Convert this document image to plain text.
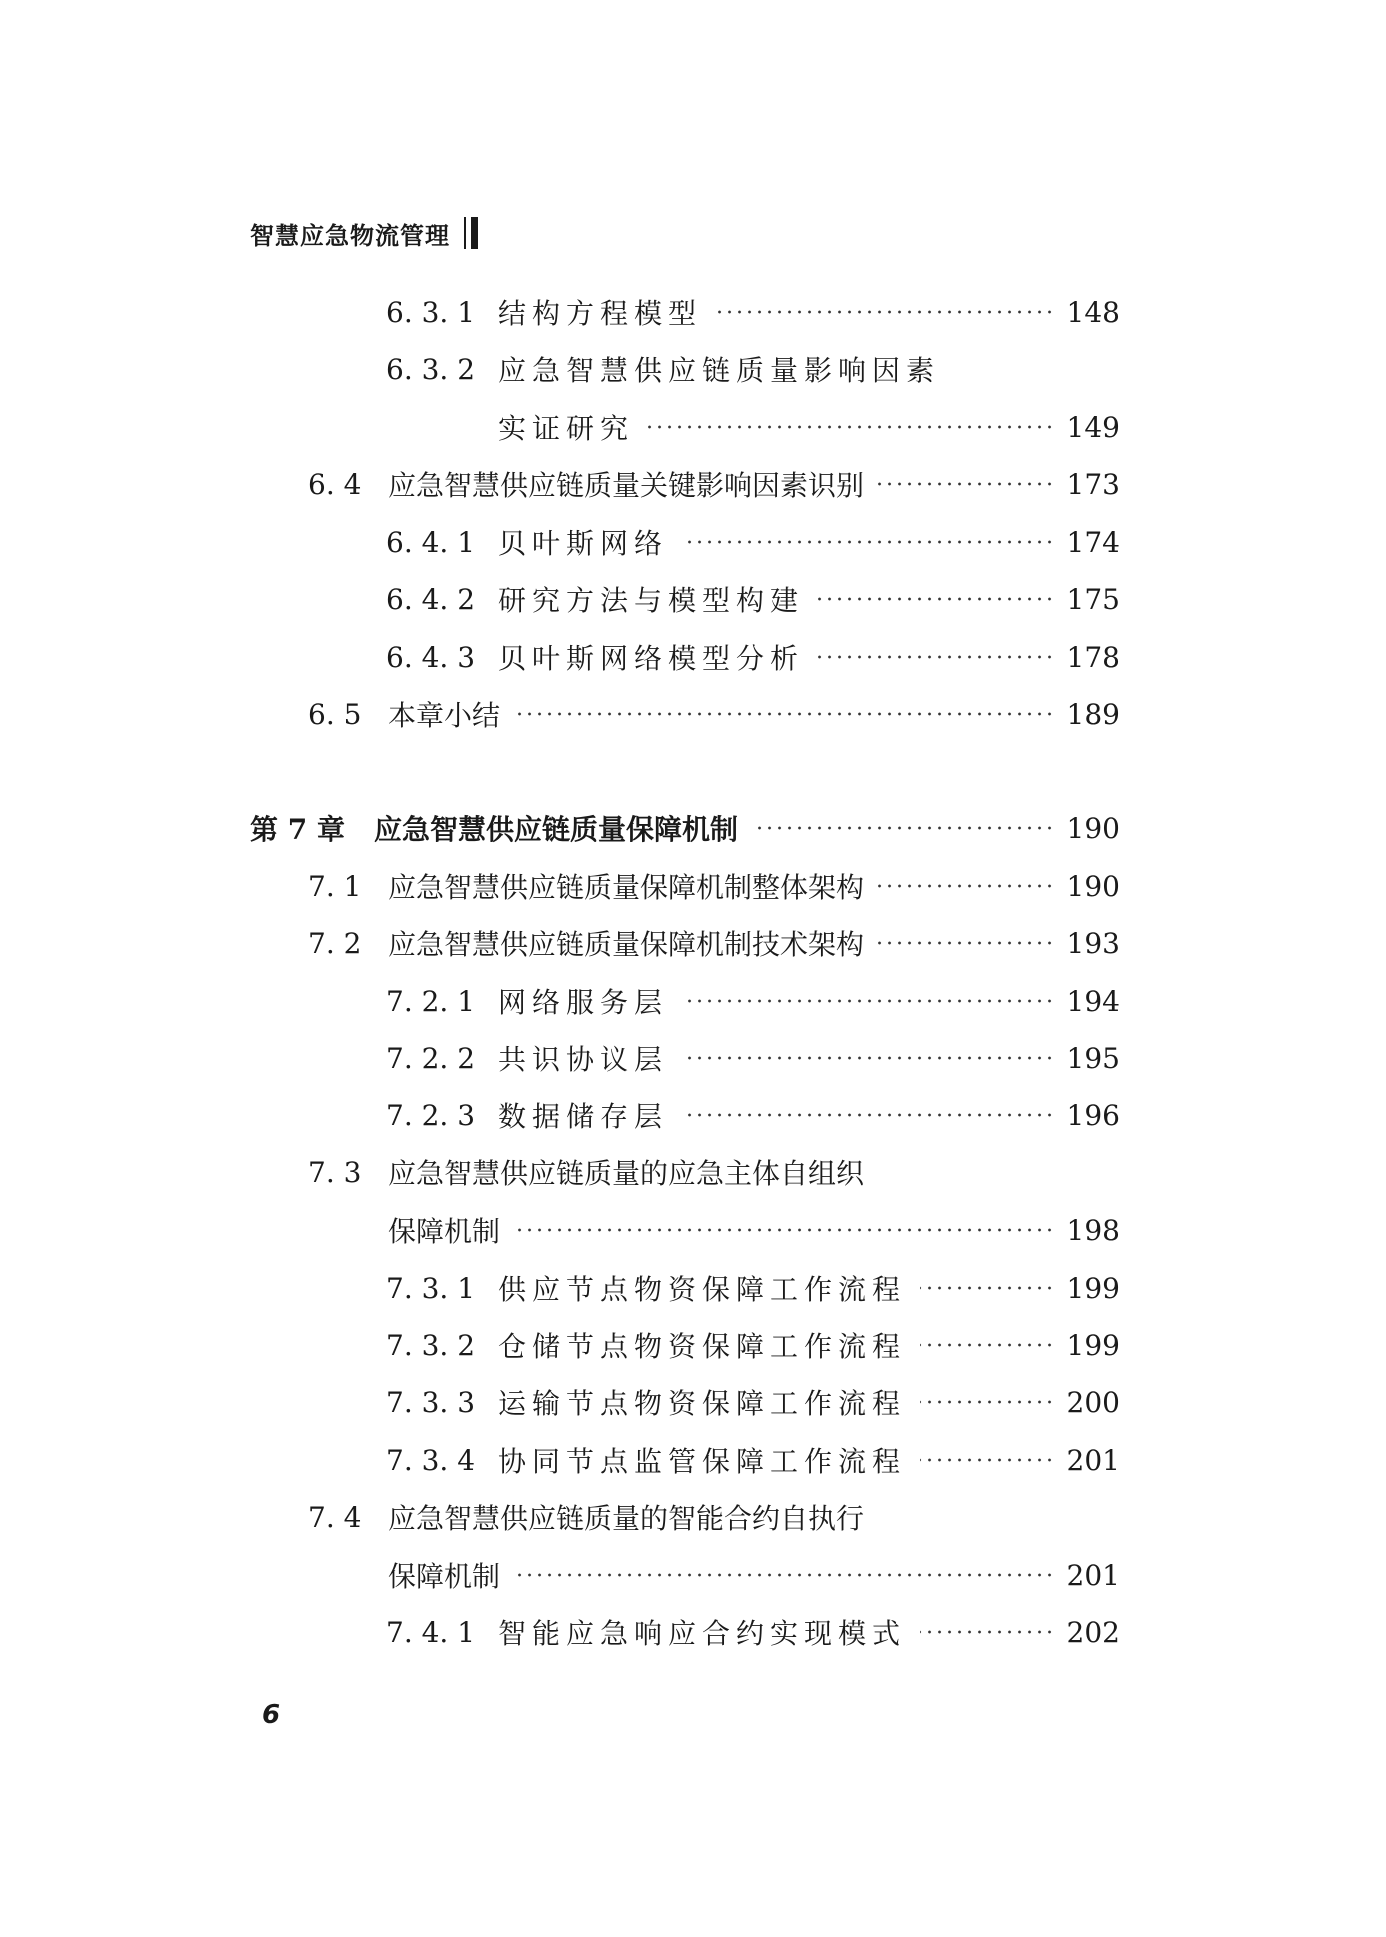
智慧应急物流管理
6. 3. 1 结构方程模型	148
6. 3. 2 应急智慧供应链质量影响因素
实证研究	149
6. 4 应急智慧供应链质量关键影响因素识别	173
6. 4. 1 贝叶斯网络	174
6. 4. 2 研究方法与模型构建	175
6. 4. 3 贝叶斯网络模型分析	178
6. 5 本章小结	189
第 7 章	应急智慧供应链质量保障机制	190
7. 1 应急智慧供应链质量保障机制整体架构	190
7. 2 应急智慧供应链质量保障机制技术架构	193
7. 2. 1 网络服务层	194
7. 2. 2 共识协议层	195
7. 2. 3 数据储存层	196
7. 3 应急智慧供应链质量的应急主体自组织
保障机制	198
7. 3. 1 供应节点物资保障工作流程	199
7. 3. 2 仓储节点物资保障工作流程	199
7. 3. 3 运输节点物资保障工作流程	200
7. 3. 4 协同节点监管保障工作流程	201
7. 4 应急智慧供应链质量的智能合约自执行
保障机制	201
7. 4. 1 智能应急响应合约实现模式	202
6
